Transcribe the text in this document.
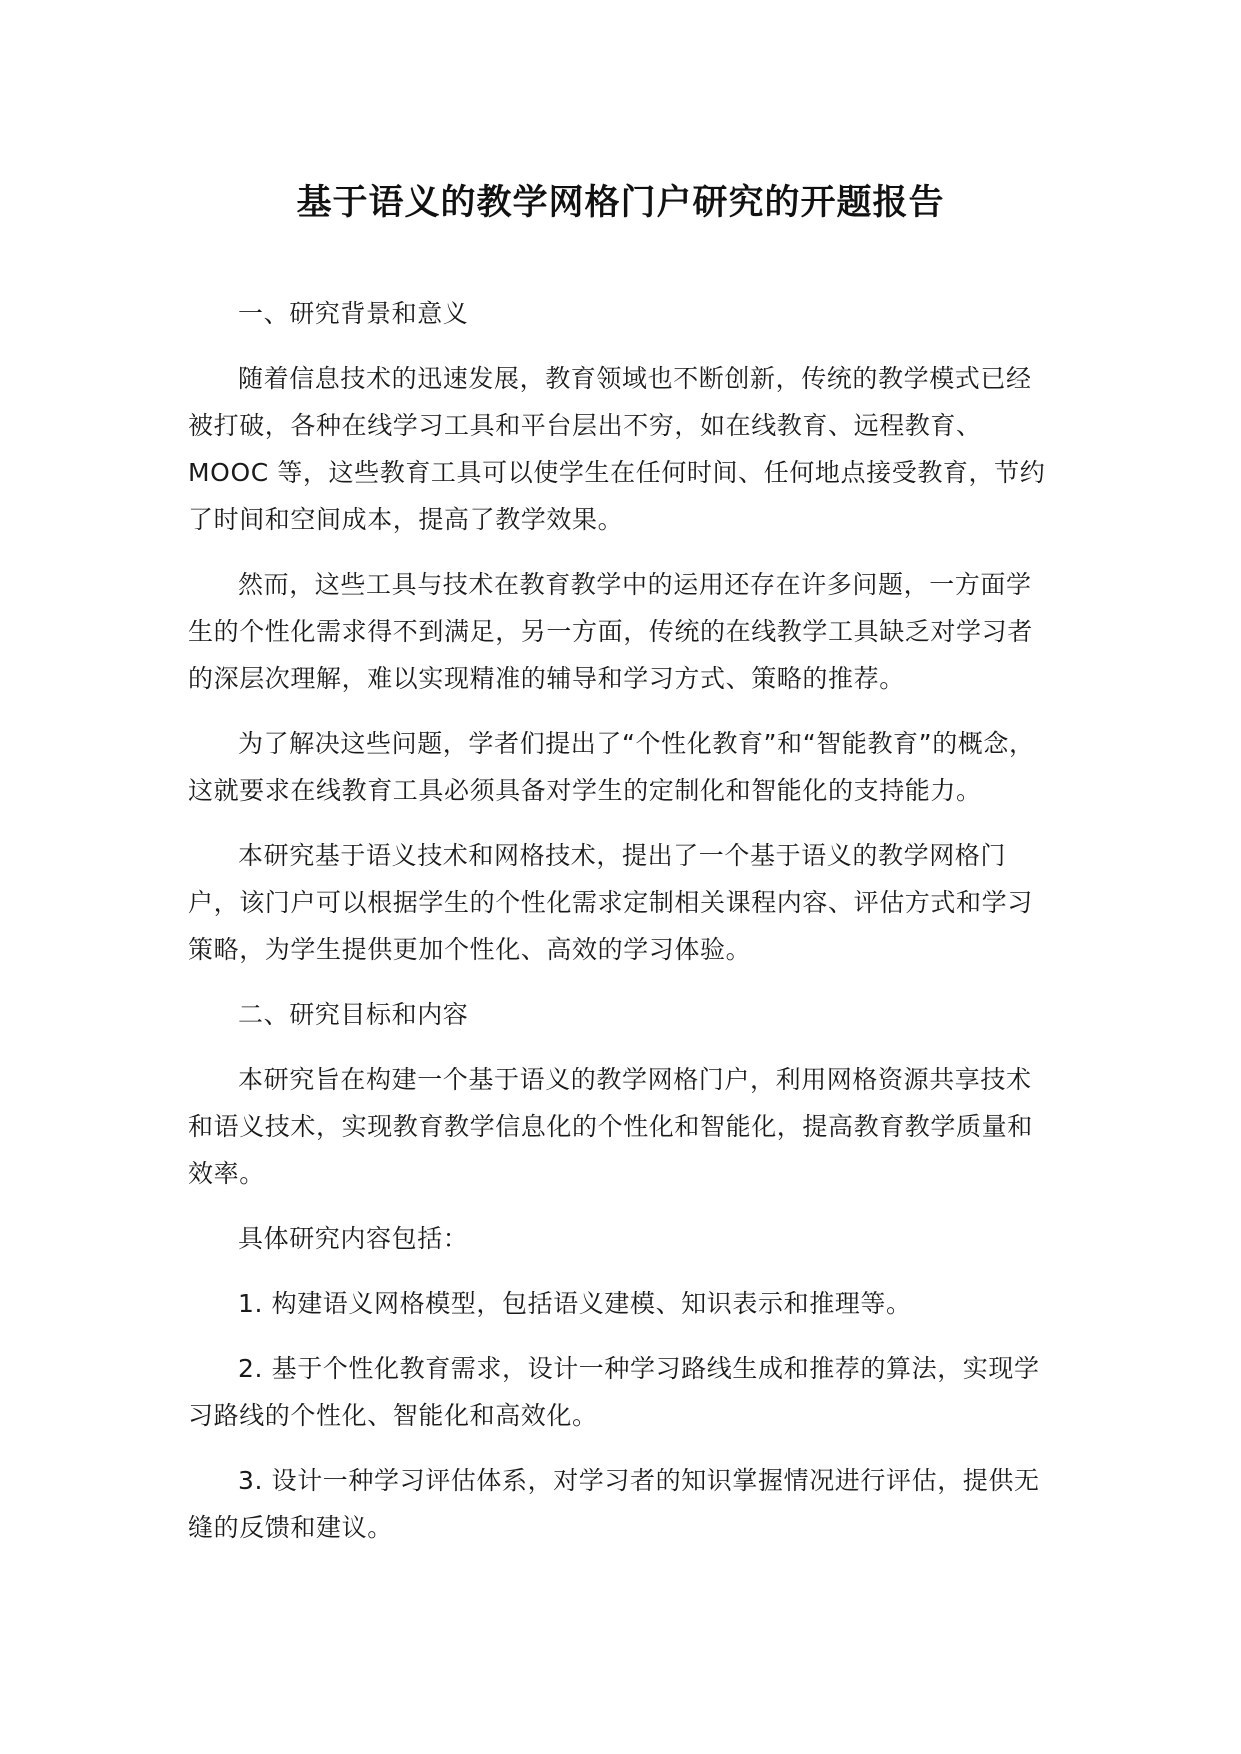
基于语义的教学网格门户研究的开题报告

一、研究背景和意义

随着信息技术的迅速发展，教育领域也不断创新，传统的教学模式已经被打破，各种在线学习工具和平台层出不穷，如在线教育、远程教育、MOOC 等，这些教育工具可以使学生在任何时间、任何地点接受教育，节约了时间和空间成本，提高了教学效果。

然而，这些工具与技术在教育教学中的运用还存在许多问题，一方面学生的个性化需求得不到满足，另一方面，传统的在线教学工具缺乏对学习者的深层次理解，难以实现精准的辅导和学习方式、策略的推荐。

为了解决这些问题，学者们提出了“个性化教育”和“智能教育”的概念，这就要求在线教育工具必须具备对学生的定制化和智能化的支持能力。

本研究基于语义技术和网格技术，提出了一个基于语义的教学网格门户，该门户可以根据学生的个性化需求定制相关课程内容、评估方式和学习策略，为学生提供更加个性化、高效的学习体验。

二、研究目标和内容

本研究旨在构建一个基于语义的教学网格门户，利用网格资源共享技术和语义技术，实现教育教学信息化的个性化和智能化，提高教育教学质量和效率。

具体研究内容包括：

1. 构建语义网格模型，包括语义建模、知识表示和推理等。

2. 基于个性化教育需求，设计一种学习路线生成和推荐的算法，实现学习路线的个性化、智能化和高效化。

3. 设计一种学习评估体系，对学习者的知识掌握情况进行评估，提供无缝的反馈和建议。
